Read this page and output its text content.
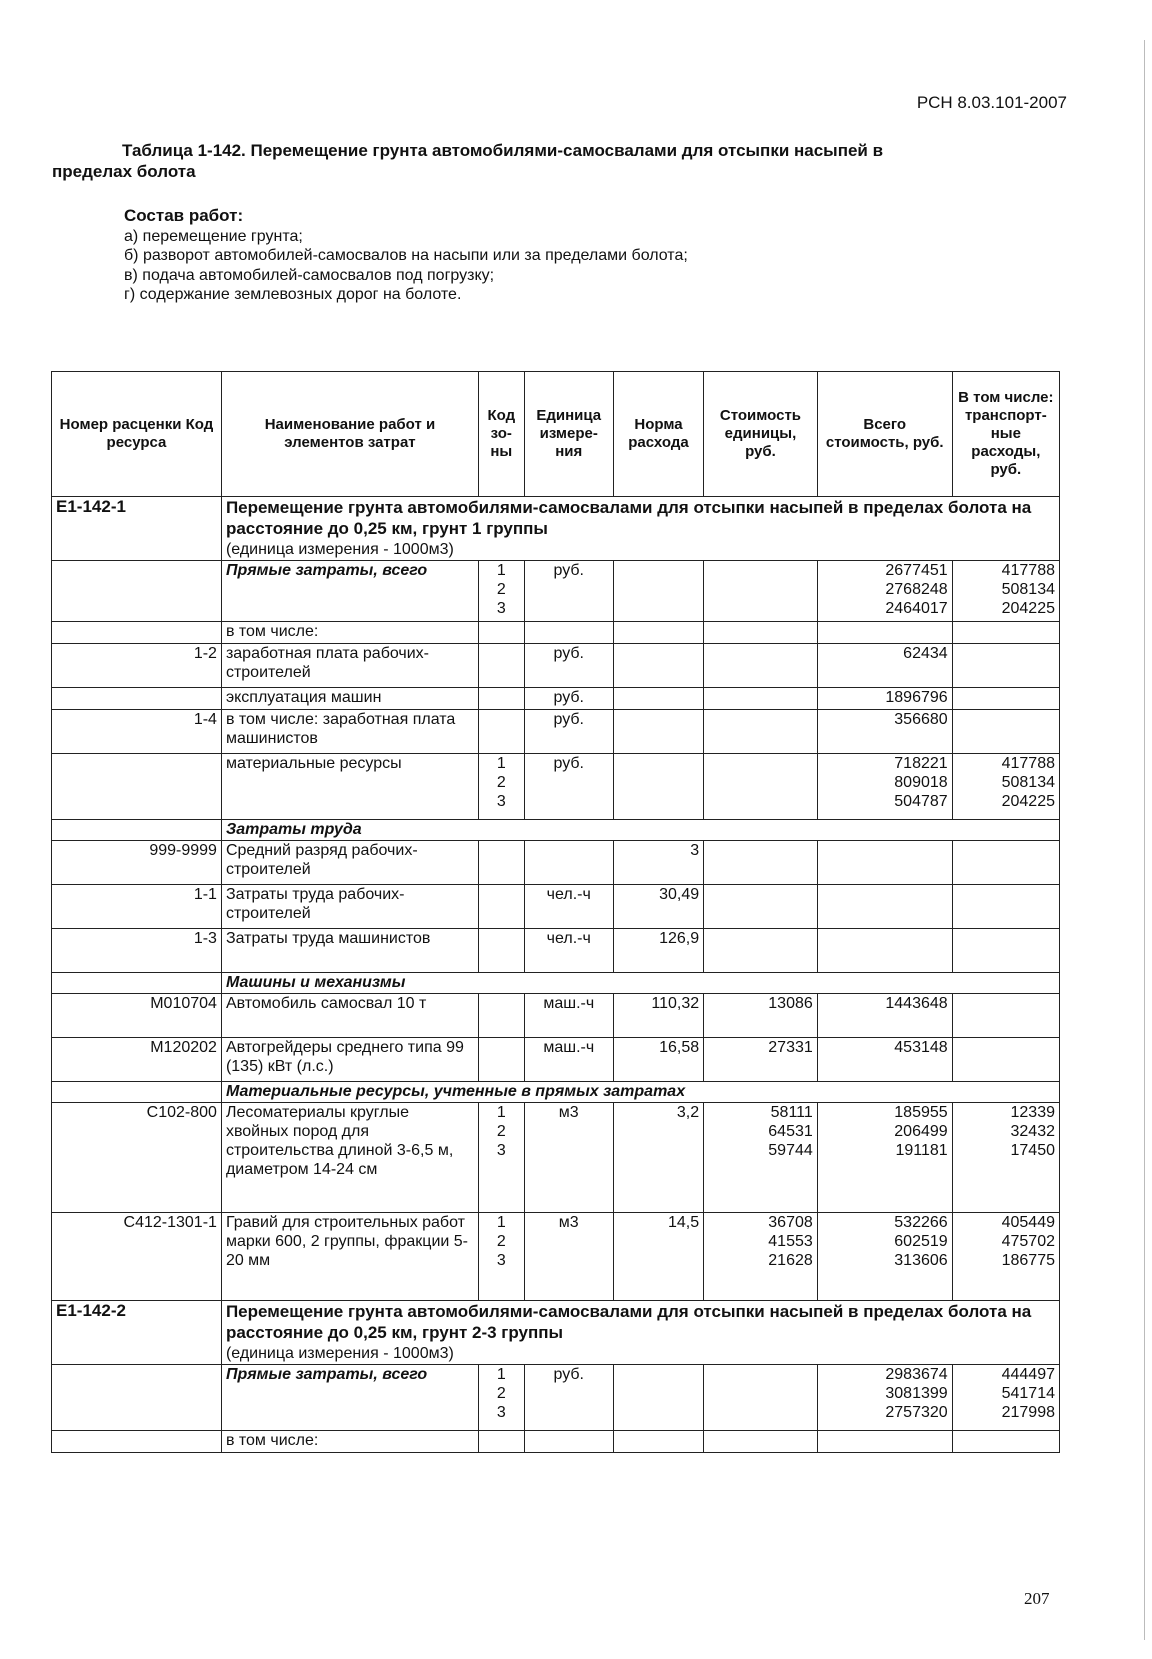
РСН 8.03.101-2007
Таблица 1-142. Перемещение грунта автомобилями-самосвалами для отсыпки насыпей в
пределах болота
Состав работ:
а) перемещение грунта;
б) разворот автомобилей-самосвалов на насыпи или за пределами болота;
в) подача автомобилей-самосвалов под погрузку;
г) содержание землевозных дорог на болоте.
Номер расценки Код ресурса	Наименование работ и элементов затрат	Код зо- ны	Единица измере- ния	Норма расхода	Стоимость единицы, руб.	Всего стоимость, руб.	В том числе: транспорт- ные расходы, руб.
Е1-142-1	Перемещение грунта автомобилями-самосвалами для отсыпки насыпей в пределах болота на расстояние до 0,25 км, грунт 1 группы
(единица измерения - 1000м3)						

	Прямые затраты, всего	1
2
3	руб.			2677451
2768248
2464017	417788
508134
204225
	в том числе:						
1-2	заработная плата рабочих-строителей		руб.			62434	
	эксплуатация машин		руб.			1896796	
1-4	в том числе: заработная плата машинистов		руб.			356680	
	материальные ресурсы	1
2
3	руб.			718221
809018
504787	417788
508134
204225
	Затраты труда						
999-9999	Средний разряд рабочих-строителей			3			
1-1	Затраты труда рабочих-строителей		чел.-ч	30,49			
1-3	Затраты труда машинистов		чел.-ч	126,9			
	Машины и механизмы						
М010704	Автомобиль самосвал 10 т		маш.-ч	110,32	13086	1443648	
М120202	Автогрейдеры среднего типа 99 (135) кВт (л.с.)		маш.-ч	16,58	27331	453148	
	Материальные ресурсы, учтенные в прямых затратах						
С102-800	Лесоматериалы круглые хвойных пород для строительства длиной 3-6,5 м, диаметром 14-24 см	1
2
3	м3	3,2	58111
64531
59744	185955
206499
191181	12339
32432
17450
С412-1301-1	Гравий для строительных работ марки 600, 2 группы, фракции 5-20 мм	1
2
3	м3	14,5	36708
41553
21628	532266
602519
313606	405449
475702
186775
Е1-142-2	Перемещение грунта автомобилями-самосвалами для отсыпки насыпей в пределах болота на расстояние до 0,25 км, грунт 2-3 группы
(единица измерения - 1000м3)						

	Прямые затраты, всего	1
2
3	руб.			2983674
3081399
2757320	444497
541714
217998
	в том числе:						
207
